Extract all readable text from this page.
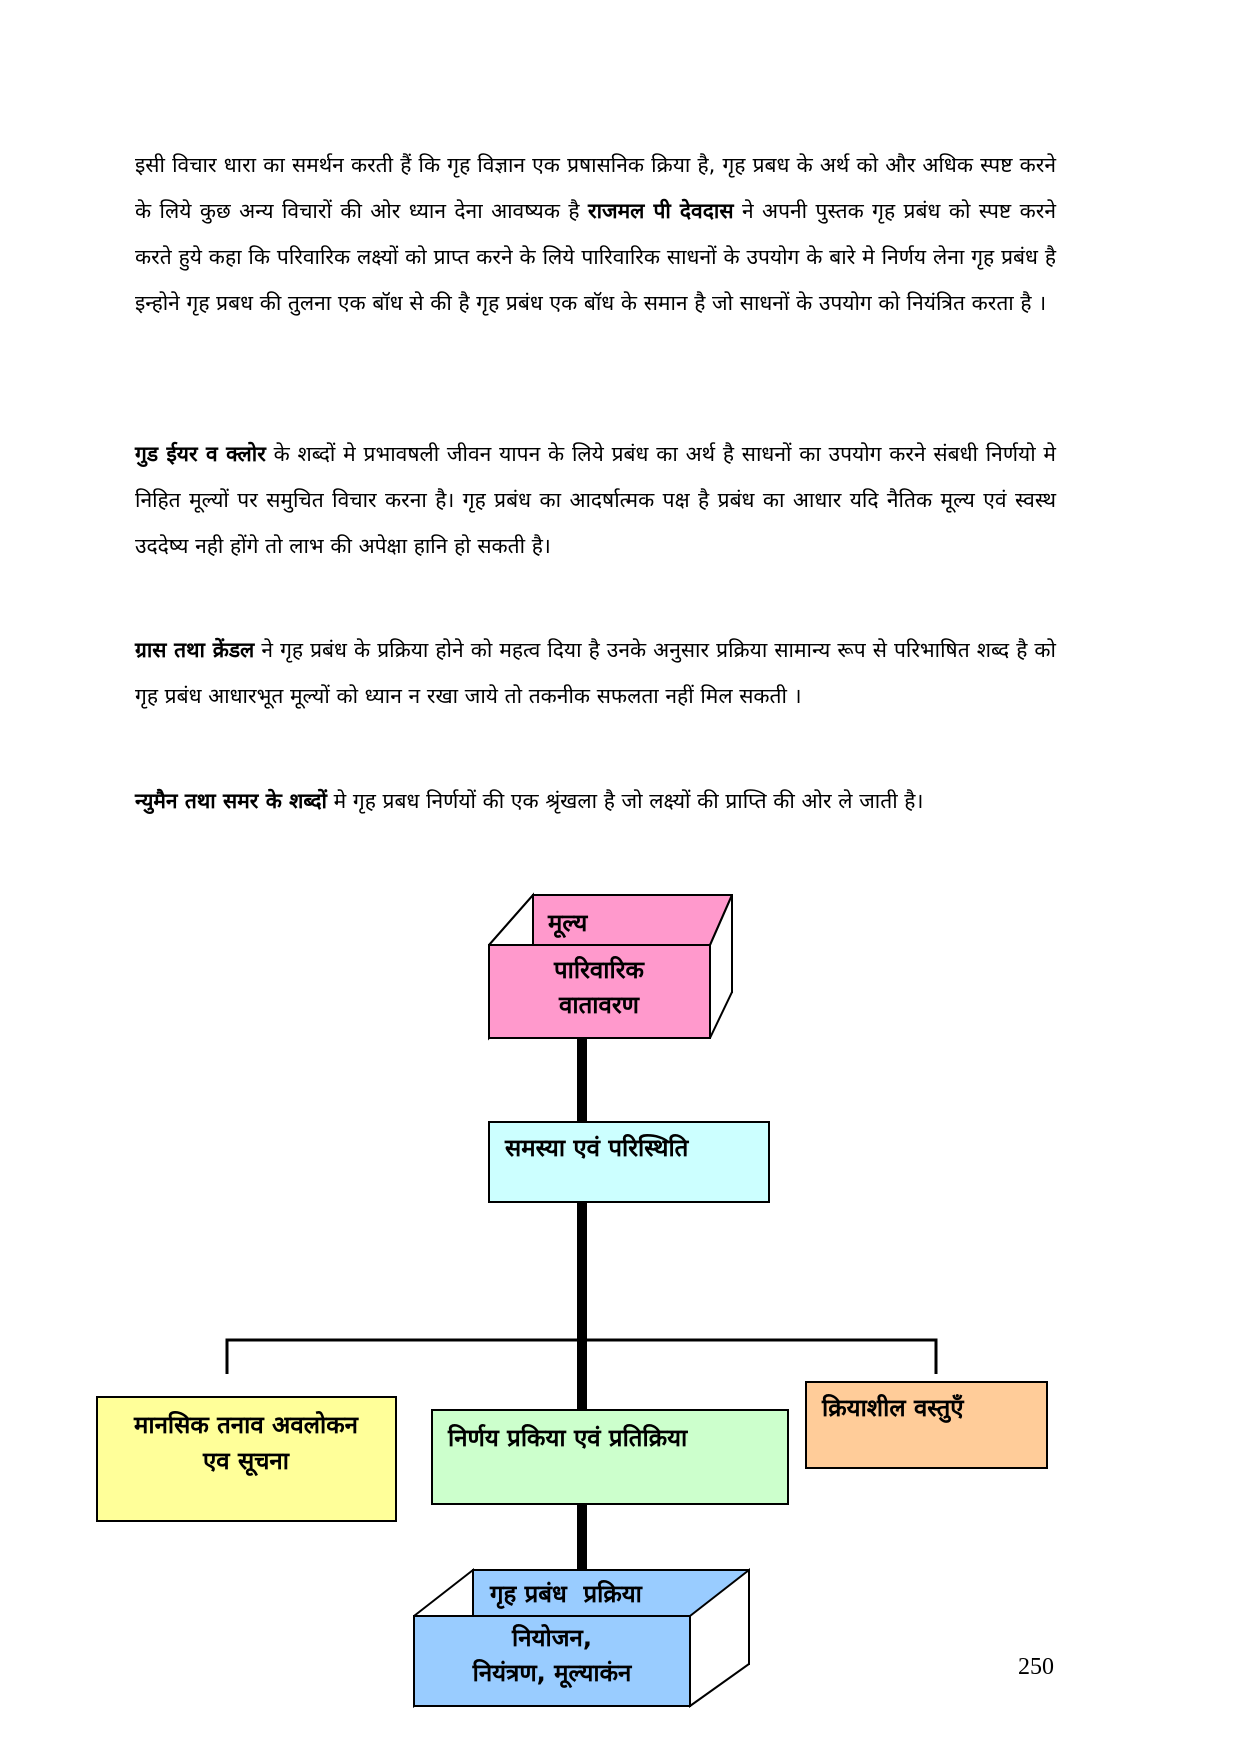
इसी विचार धारा का समर्थन करती हैं कि गृह विज्ञान एक प्रषासनिक क्रिया है, गृह प्रबध के अर्थ को और अधिक स्पष्ट करने के लिये कुछ अन्य विचारों की ओर ध्यान देना आवष्यक है राजमल पी देवदास ने अपनी पुस्तक गृह प्रबंध को स्पष्ट करने करते हुये कहा कि परिवारिक लक्ष्यों को प्राप्त करने के लिये पारिवारिक साधनों के उपयोग के बारे मे निर्णय लेना गृह प्रबंध है इन्होने गृह प्रबध की तुलना एक बॉध से की है गृह प्रबंध एक बॉध के समान है जो साधनों के उपयोग को नियंत्रित करता है ।
गुड ईयर व क्लोर के शब्दों मे प्रभावषली जीवन यापन के लिये प्रबंध का अर्थ है साधनों का उपयोग करने संबधी निर्णयो मे निहित मूल्यों पर समुचित विचार करना है। गृह प्रबंध का आदर्षात्मक पक्ष है प्रबंध का आधार यदि नैतिक मूल्य एवं स्वस्थ उददेष्य नही होंगे तो लाभ की अपेक्षा हानि हो सकती है।
ग्रास तथा क्रेंडल ने गृह प्रबंध के प्रक्रिया होने को महत्व दिया है उनके अनुसार प्रक्रिया सामान्य रूप से परिभाषित शब्द है को गृह प्रबंध आधारभूत मूल्यों को ध्यान न रखा जाये तो तकनीक सफलता नहीं मिल सकती ।
न्युमैन तथा समर के शब्दों मे गृह प्रबध निर्णयों की एक श्रृंखला है जो लक्ष्यों की प्राप्ति की ओर ले जाती है।
मूल्य
पारिवारिक
वातावरण
समस्या एवं परिस्थिति
मानसिक तनाव अवलोकन
एव सूचना
निर्णय प्रकिया एवं प्रतिक्रिया
क्रियाशील वस्तुएँ
गृह प्रबंध  प्रक्रिया
नियोजन,
नियंत्रण, मूल्याकंन	250
